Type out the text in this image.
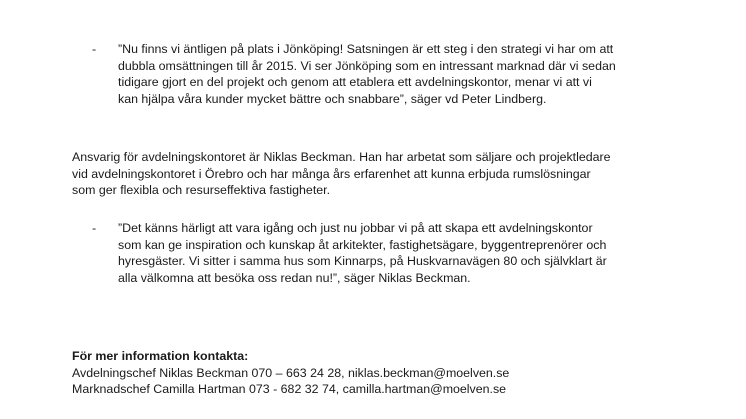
- ”Nu finns vi äntligen på plats i Jönköping! Satsningen är ett steg i den strategi vi har om att
dubbla omsättningen till år 2015. Vi ser Jönköping som en intressant marknad där vi sedan
tidigare gjort en del projekt och genom att etablera ett avdelningskontor, menar vi att vi
kan hjälpa våra kunder mycket bättre och snabbare”, säger vd Peter Lindberg.
Ansvarig för avdelningskontoret är Niklas Beckman. Han har arbetat som säljare och projektledare
vid avdelningskontoret i Örebro och har många års erfarenhet att kunna erbjuda rumslösningar
som ger flexibla och resurseffektiva fastigheter.
- ”Det känns härligt att vara igång och just nu jobbar vi på att skapa ett avdelningskontor
som kan ge inspiration och kunskap åt arkitekter, fastighetsägare, byggentreprenörer och
hyresgäster. Vi sitter i samma hus som Kinnarps, på Huskvarnavägen 80 och självklart är
alla välkomna att besöka oss redan nu!”, säger Niklas Beckman.
För mer information kontakta:
Avdelningschef Niklas Beckman 070 – 663 24 28, niklas.beckman@moelven.se
Marknadschef Camilla Hartman 073 - 682 32 74, camilla.hartman@moelven.se
